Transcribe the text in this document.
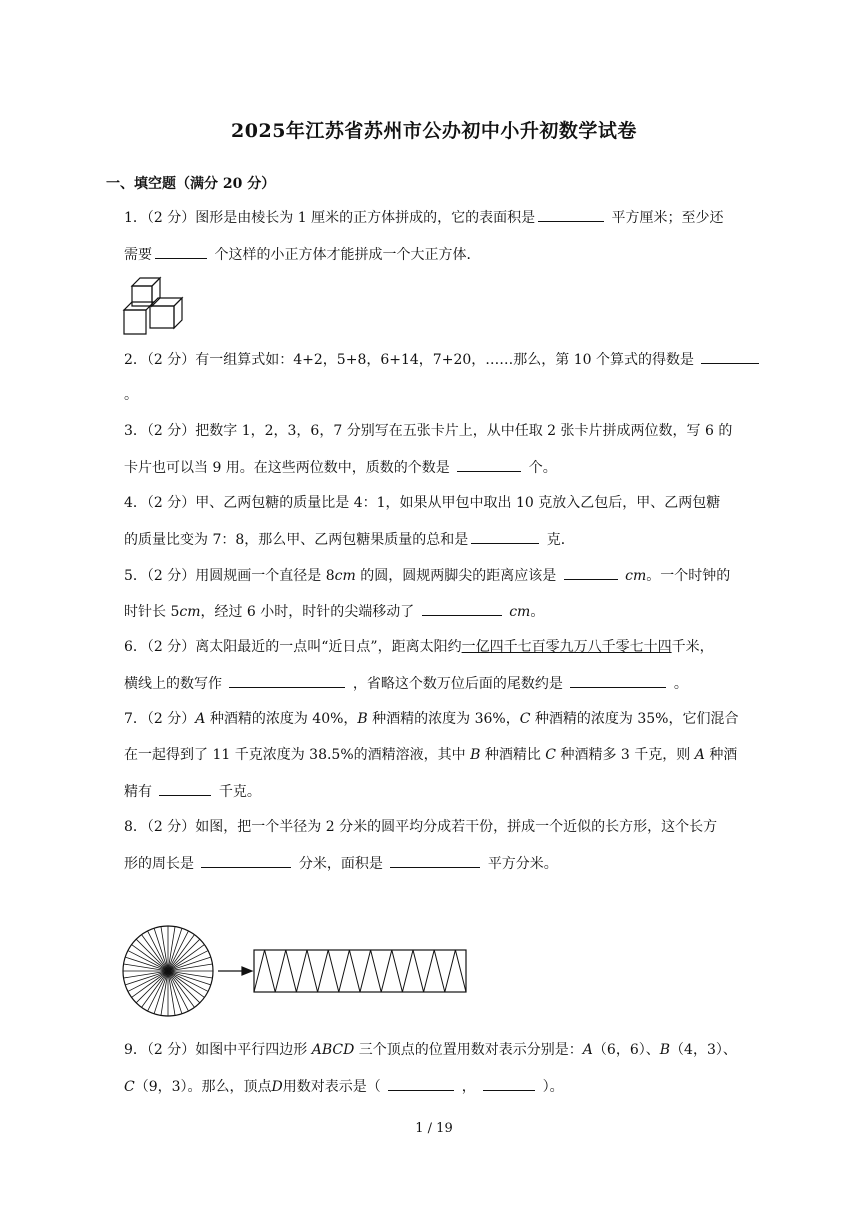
2025年江苏省苏州市公办初中小升初数学试卷
一、填空题（满分 20 分）
1．（2 分）图形是由棱长为 1 厘米的正方体拼成的，它的表面积是	平方厘米；至少还
需要	个这样的小正方体才能拼成一个大正方体．
2．（2 分）有一组算式如：4+2，5+8，6+14，7+20，……那么，第 10 个算式的得数是
。
3．（2 分）把数字 1，2，3，6，7 分别写在五张卡片上，从中任取 2 张卡片拼成两位数，写 6 的
卡片也可以当 9 用。在这些两位数中，质数的个数是	个。
4．（2 分）甲、乙两包糖的质量比是 4：1，如果从甲包中取出 10 克放入乙包后，甲、乙两包糖
的质量比变为 7：8，那么甲、乙两包糖果质量的总和是	克．
5．（2 分）用圆规画一个直径是 8cm 的圆，圆规两脚尖的距离应该是	cm。一个时钟的
时针长 5cm，经过 6 小时，时针的尖端移动了	cm。
6．（2 分）离太阳最近的一点叫“近日点”，距离太阳约一亿四千七百零九万八千零七十四千米，
横线上的数写作	，省略这个数万位后面的尾数约是	。
7．（2 分）A 种酒精的浓度为 40%，B 种酒精的浓度为 36%，C 种酒精的浓度为 35%，它们混合
在一起得到了 11 千克浓度为 38.5%的酒精溶液，其中 B 种酒精比 C 种酒精多 3 千克，则 A 种酒
精有	千克。
8．（2 分）如图，把一个半径为 2 分米的圆平均分成若干份，拼成一个近似的长方形，这个长方
形的周长是	分米，面积是	平方分米。
9．（2 分）如图中平行四边形 ABCD 三个顶点的位置用数对表示分别是：A（6，6）、B（4，3）、
C（9，3）。那么，顶点D用数对表示是（	，	）。
1 / 19
